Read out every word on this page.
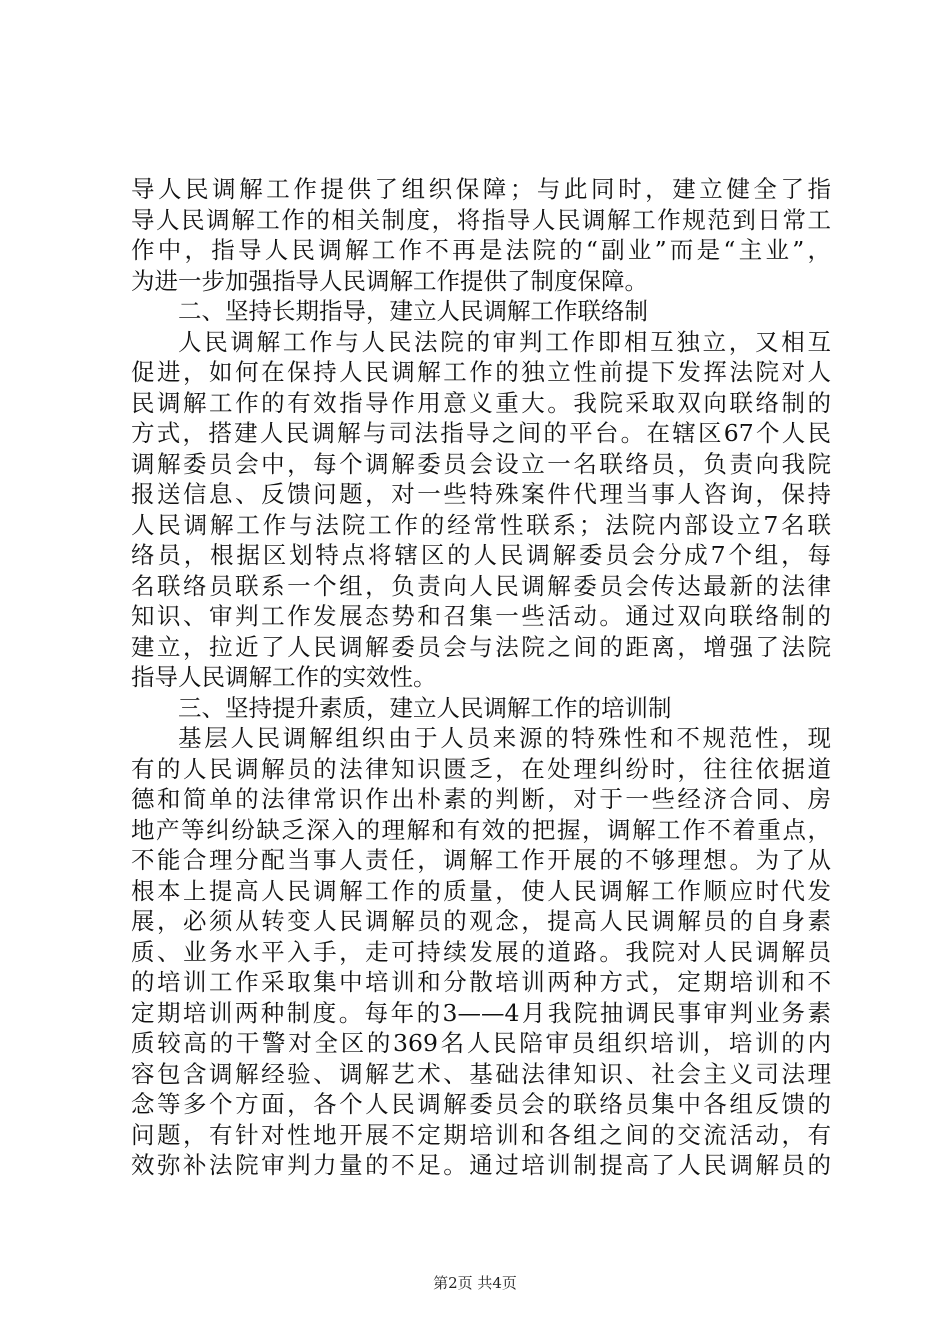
导人民调解工作提供了组织保障；与此同时，建立健全了指
导人民调解工作的相关制度，将指导人民调解工作规范到日常工
作中，指导人民调解工作不再是法院的“副业”而是“主业”，
为进一步加强指导人民调解工作提供了制度保障。
二、坚持长期指导，建立人民调解工作联络制
人民调解工作与人民法院的审判工作即相互独立，又相互
促进，如何在保持人民调解工作的独立性前提下发挥法院对人
民调解工作的有效指导作用意义重大。我院采取双向联络制的
方式，搭建人民调解与司法指导之间的平台。在辖区67个人民
调解委员会中，每个调解委员会设立一名联络员，负责向我院
报送信息、反馈问题，对一些特殊案件代理当事人咨询，保持
人民调解工作与法院工作的经常性联系；法院内部设立7名联
络员，根据区划特点将辖区的人民调解委员会分成7个组，每
名联络员联系一个组，负责向人民调解委员会传达最新的法律
知识、审判工作发展态势和召集一些活动。通过双向联络制的
建立，拉近了人民调解委员会与法院之间的距离，增强了法院
指导人民调解工作的实效性。
三、坚持提升素质，建立人民调解工作的培训制
基层人民调解组织由于人员来源的特殊性和不规范性，现
有的人民调解员的法律知识匮乏，在处理纠纷时，往往依据道
德和简单的法律常识作出朴素的判断，对于一些经济合同、房
地产等纠纷缺乏深入的理解和有效的把握，调解工作不着重点，
不能合理分配当事人责任，调解工作开展的不够理想。为了从
根本上提高人民调解工作的质量，使人民调解工作顺应时代发
展，必须从转变人民调解员的观念，提高人民调解员的自身素
质、业务水平入手，走可持续发展的道路。我院对人民调解员
的培训工作采取集中培训和分散培训两种方式，定期培训和不
定期培训两种制度。每年的3——4月我院抽调民事审判业务素
质较高的干警对全区的369名人民陪审员组织培训，培训的内
容包含调解经验、调解艺术、基础法律知识、社会主义司法理
念等多个方面，各个人民调解委员会的联络员集中各组反馈的
问题，有针对性地开展不定期培训和各组之间的交流活动，有
效弥补法院审判力量的不足。通过培训制提高了人民调解员的
第2页 共4页
